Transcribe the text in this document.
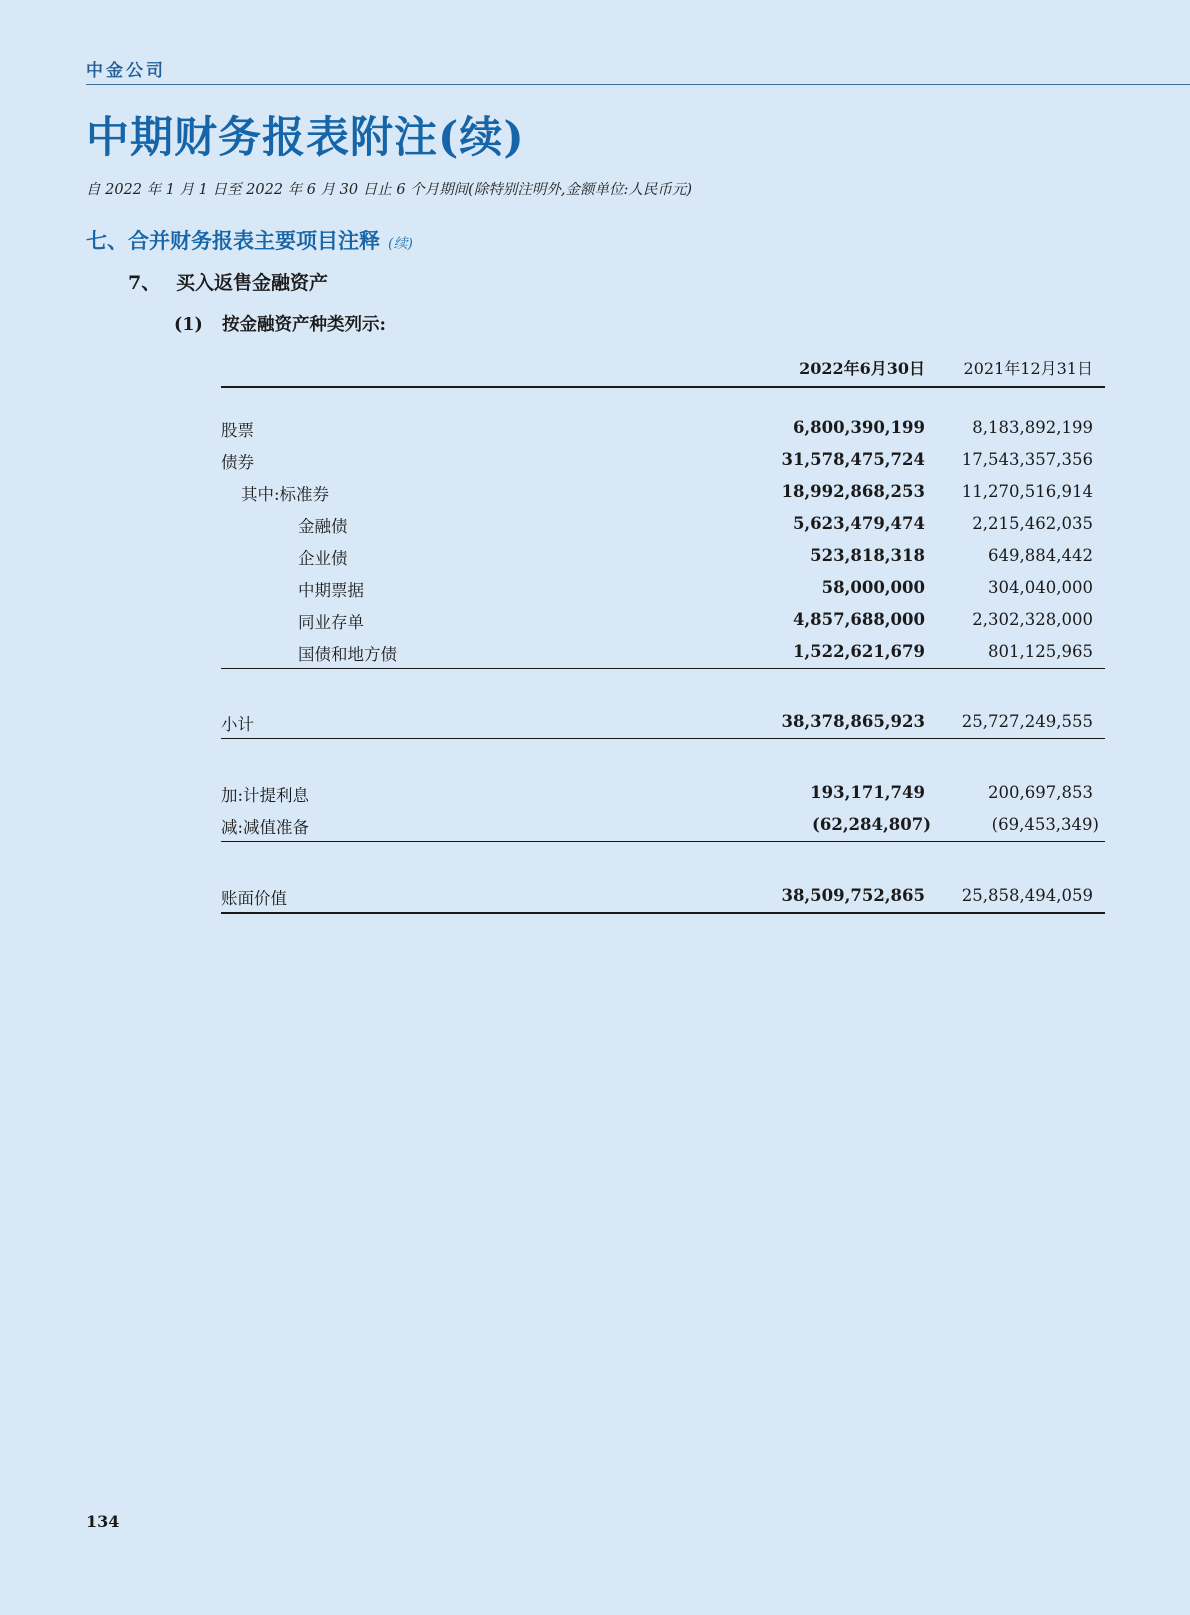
中金公司
中期财务报表附注(续)
自 2022 年 1 月 1 日至 2022 年 6 月 30 日止 6 个月期间(除特别注明外,金额单位:人民币元)
七、合并财务报表主要项目注释 (续)
7、 买入返售金融资产
(1) 按金融资产种类列示:
2022年6月30日 2021年12月31日
股票	6,800,390,199	8,183,892,199
债券	31,578,475,724 17,543,357,356
其中:标准券	18,992,868,253 11,270,516,914
金融债	5,623,479,474	2,215,462,035
企业债	523,818,318	649,884,442
中期票据	58,000,000	304,040,000
同业存单	4,857,688,000	2,302,328,000
国债和地方债	1,522,621,679	801,125,965
小计	38,378,865,923 25,727,249,555
加:计提利息	193,171,749	200,697,853
减:减值准备	(62,284,807)	(69,453,349)
账面价值	38,509,752,865 25,858,494,059
134
